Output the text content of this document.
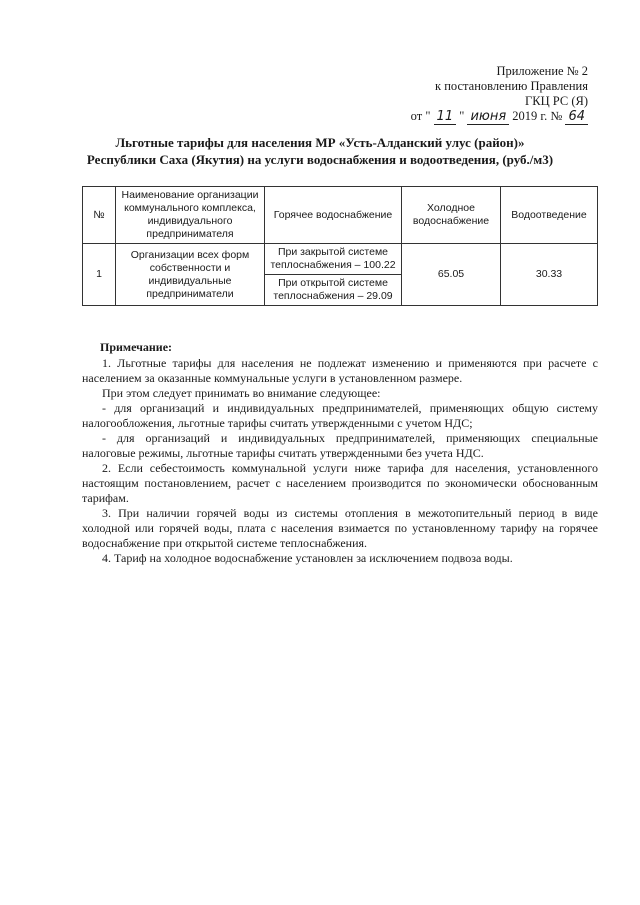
Приложение № 2
к постановлению Правления
ГКЦ РС (Я)
от " 11 " июня 2019 г. № 64
Льготные тарифы для населения МР «Усть-Алданский улус (район)»
Республики Саха (Якутия) на услуги водоснабжения и водоотведения, (руб./м3)
№	Наименование организации коммунального комплекса, индивидуального предпринимателя	Горячее водоснабжение	Холодное водоснабжение	Водоотведение
1	Организации всех форм собственности и индивидуальные предприниматели	При закрытой системе теплоснабжения – 100.22	65.05	30.33
		При открытой системе теплоснабжения – 29.09		
Примечание:

1. Льготные тарифы для населения не подлежат изменению и применяются при расчете с населением за оказанные коммунальные услуги в установленном размере.

При этом следует принимать во внимание следующее:

- для организаций и индивидуальных предпринимателей, применяющих общую систему налогообложения, льготные тарифы считать утвержденными с учетом НДС;

- для организаций и индивидуальных предпринимателей, применяющих специальные налоговые режимы, льготные тарифы считать утвержденными без учета НДС.

2. Если себестоимость коммунальной услуги ниже тарифа для населения, установленного настоящим постановлением, расчет с населением производится по экономически обоснованным тарифам.

3. При наличии горячей воды из системы отопления в межотопительный период в виде холодной или горячей воды, плата с населения взимается по установленному тарифу на горячее водоснабжение при открытой системе теплоснабжения.

4. Тариф на холодное водоснабжение установлен за исключением подвоза воды.
